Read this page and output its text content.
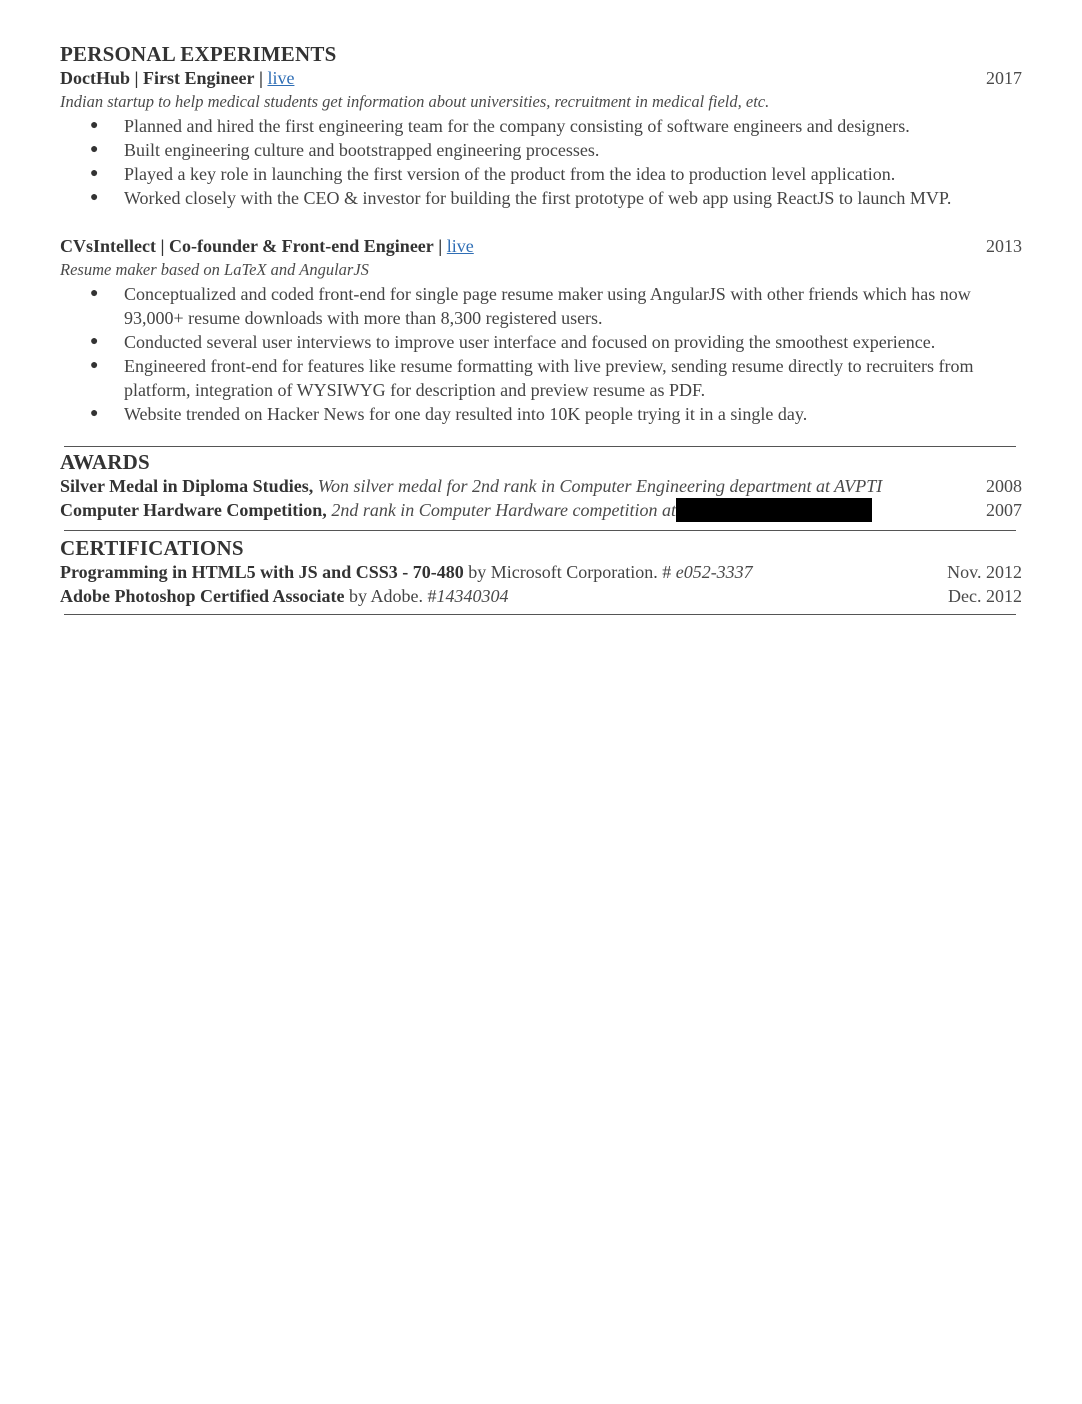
PERSONAL EXPERIMENTS
DoctHub | First Engineer | live	2017
Indian startup to help medical students get information about universities, recruitment in medical field, etc.
● Planned and hired the first engineering team for the company consisting of software engineers and designers.
● Built engineering culture and bootstrapped engineering processes.
● Played a key role in launching the first version of the product from the idea to production level application.
● Worked closely with the CEO & investor for building the first prototype of web app using ReactJS to launch MVP.
CVsIntellect | Co-founder & Front-end Engineer | live	2013
Resume maker based on LaTeX and AngularJS
● Conceptualized and coded front-end for single page resume maker using AngularJS with other friends which has now 93,000+ resume downloads with more than 8,300 registered users.
● Conducted several user interviews to improve user interface and focused on providing the smoothest experience.
● Engineered front-end for features like resume formatting with live preview, sending resume directly to recruiters from platform, integration of WYSIWYG for description and preview resume as PDF.
● Website trended on Hacker News for one day resulted into 10K people trying it in a single day.
AWARDS
Silver Medal in Diploma Studies, Won silver medal for 2nd rank in Computer Engineering department at AVPTI	2008
Computer Hardware Competition, 2nd rank in Computer Hardware competition at	2007
CERTIFICATIONS
Programming in HTML5 with JS and CSS3 - 70-480 by Microsoft Corporation. # e052-3337	Nov. 2012
Adobe Photoshop Certified Associate by Adobe. #14340304	Dec. 2012
